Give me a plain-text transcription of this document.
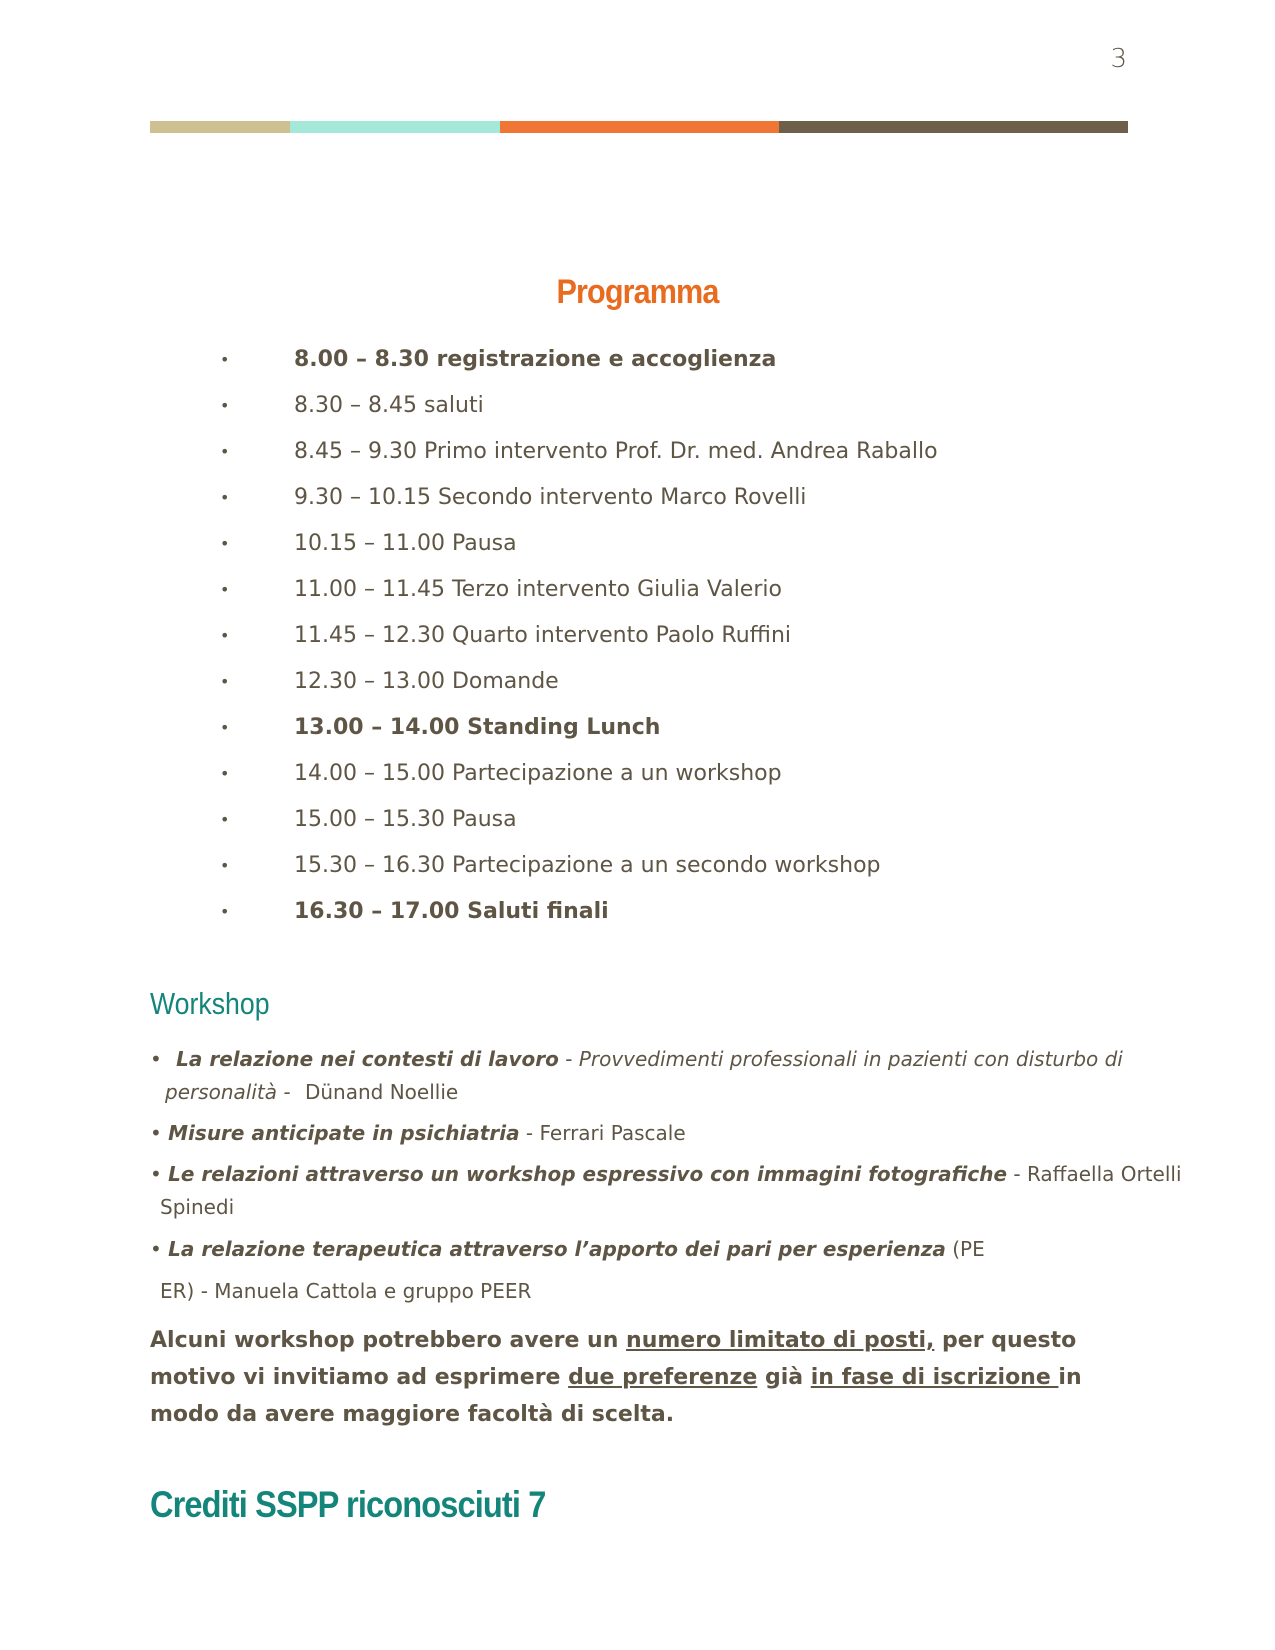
3
Programma
•	8.00 – 8.30 registrazione e accoglienza
•	8.30 – 8.45 saluti
•	8.45 – 9.30 Primo intervento Prof. Dr. med. Andrea Raballo
•	9.30 – 10.15 Secondo intervento Marco Rovelli
•	10.15 – 11.00 Pausa
•	11.00 – 11.45 Terzo intervento Giulia Valerio
•	11.45 – 12.30 Quarto intervento Paolo Ruffini
•	12.30 – 13.00 Domande
•	13.00 – 14.00 Standing Lunch
•	14.00 – 15.00 Partecipazione a un workshop
•	15.00 – 15.30 Pausa
•	15.30 – 16.30 Partecipazione a un secondo workshop
•	16.30 – 17.00 Saluti finali
Workshop
• La relazione nei contesti di lavoro - Provvedimenti professionali in pazienti con disturbo di
personalità - Dünand Noellie
• Misure anticipate in psichiatria - Ferrari Pascale
• Le relazioni attraverso un workshop espressivo con immagini fotografiche - Raffaella Ortelli
Spinedi
• La relazione terapeutica attraverso l’apporto dei pari per esperienza (PE
ER) - Manuela Cattola e gruppo PEER
Alcuni workshop potrebbero avere un numero limitato di posti, per questo motivo vi invitiamo ad esprimere due preferenze già in fase di iscrizione in modo da avere maggiore facoltà di scelta.
Crediti SSPP riconosciuti 7
